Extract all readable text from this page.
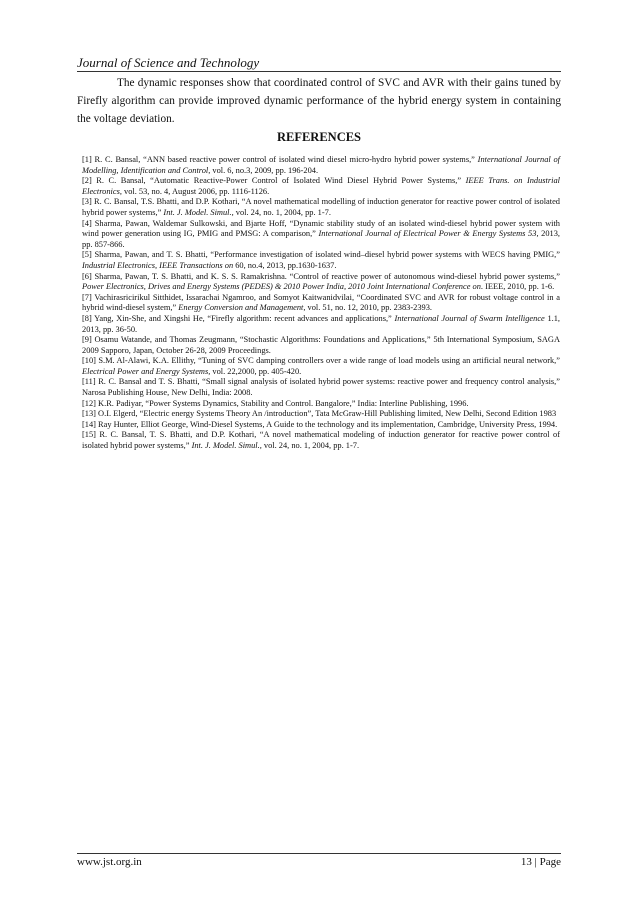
Journal of Science and Technology

The dynamic responses show that coordinated control of SVC and AVR with their gains tuned by Firefly algorithm can provide improved dynamic performance of the hybrid energy system in containing the voltage deviation.

REFERENCES

[1] R. C. Bansal, “ANN based reactive power control of isolated wind diesel micro-hydro hybrid power systems,” International Journal of Modelling, Identification and Control, vol. 6, no.3, 2009, pp. 196-204.

[2] R. C. Bansal, “Automatic Reactive-Power Control of Isolated Wind Diesel Hybrid Power Systems,” IEEE Trans. on Industrial Electronics, vol. 53, no. 4, August 2006, pp. 1116-1126.

[3] R. C. Bansal, T.S. Bhatti, and D.P. Kothari, “A novel mathematical modelling of induction generator for reactive power control of isolated hybrid power systems,” Int. J. Model. Simul., vol. 24, no. 1, 2004, pp. 1-7.

[4] Sharma, Pawan, Waldemar Sulkowski, and Bjarte Hoff, “Dynamic stability study of an isolated wind-diesel hybrid power system with wind power generation using IG, PMIG and PMSG: A comparison,” International Journal of Electrical Power & Energy Systems 53, 2013, pp. 857-866.

[5] Sharma, Pawan, and T. S. Bhatti, “Performance investigation of isolated wind–diesel hybrid power systems with WECS having PMIG,” Industrial Electronics, IEEE Transactions on 60, no.4, 2013, pp.1630-1637.

[6] Sharma, Pawan, T. S. Bhatti, and K. S. S. Ramakrishna. “Control of reactive power of autonomous wind-diesel hybrid power systems,” Power Electronics, Drives and Energy Systems (PEDES) & 2010 Power India, 2010 Joint International Conference on. IEEE, 2010, pp. 1-6.

[7] Vachirasricirikul Sitthidet, Issarachai Ngamroo, and Somyot Kaitwanidvilai, “Coordinated SVC and AVR for robust voltage control in a hybrid wind-diesel system,” Energy Conversion and Management, vol. 51, no. 12, 2010, pp. 2383-2393.

[8] Yang, Xin-She, and Xingshi He, “Firefly algorithm: recent advances and applications,” International Journal of Swarm Intelligence 1.1, 2013, pp. 36-50.

[9] Osamu Watande, and Thomas Zeugmann, “Stochastic Algorithms: Foundations and Applications,” 5th International Symposium, SAGA 2009 Sapporo, Japan, October 26-28, 2009 Proceedings.

[10] S.M. Al-Alawi, K.A. Ellithy, “Tuning of SVC damping controllers over a wide range of load models using an artificial neural network,” Electrical Power and Energy Systems, vol. 22,2000, pp. 405-420.

[11] R. C. Bansal and T. S. Bhatti, “Small signal analysis of isolated hybrid power systems: reactive power and frequency control analysis,” Narosa Publishing House, New Delhi, India: 2008.

[12] K.R. Padiyar, “Power Systems Dynamics, Stability and Control. Bangalore,” India: Interline Publishing, 1996.

[13] O.I. Elgerd, “Electric energy Systems Theory An /introduction”, Tata McGraw-Hill Publishing limited, New Delhi, Second Edition 1983

[14] Ray Hunter, Elliot George, Wind-Diesel Systems, A Guide to the technology and its implementation, Cambridge, University Press, 1994.

[15] R. C. Bansal, T. S. Bhatti, and D.P. Kothari, “A novel mathematical modeling of induction generator for reactive power control of isolated hybrid power systems,” Int. J. Model. Simul., vol. 24, no. 1, 2004, pp. 1-7.

www.jst.org.in	13 | Page
